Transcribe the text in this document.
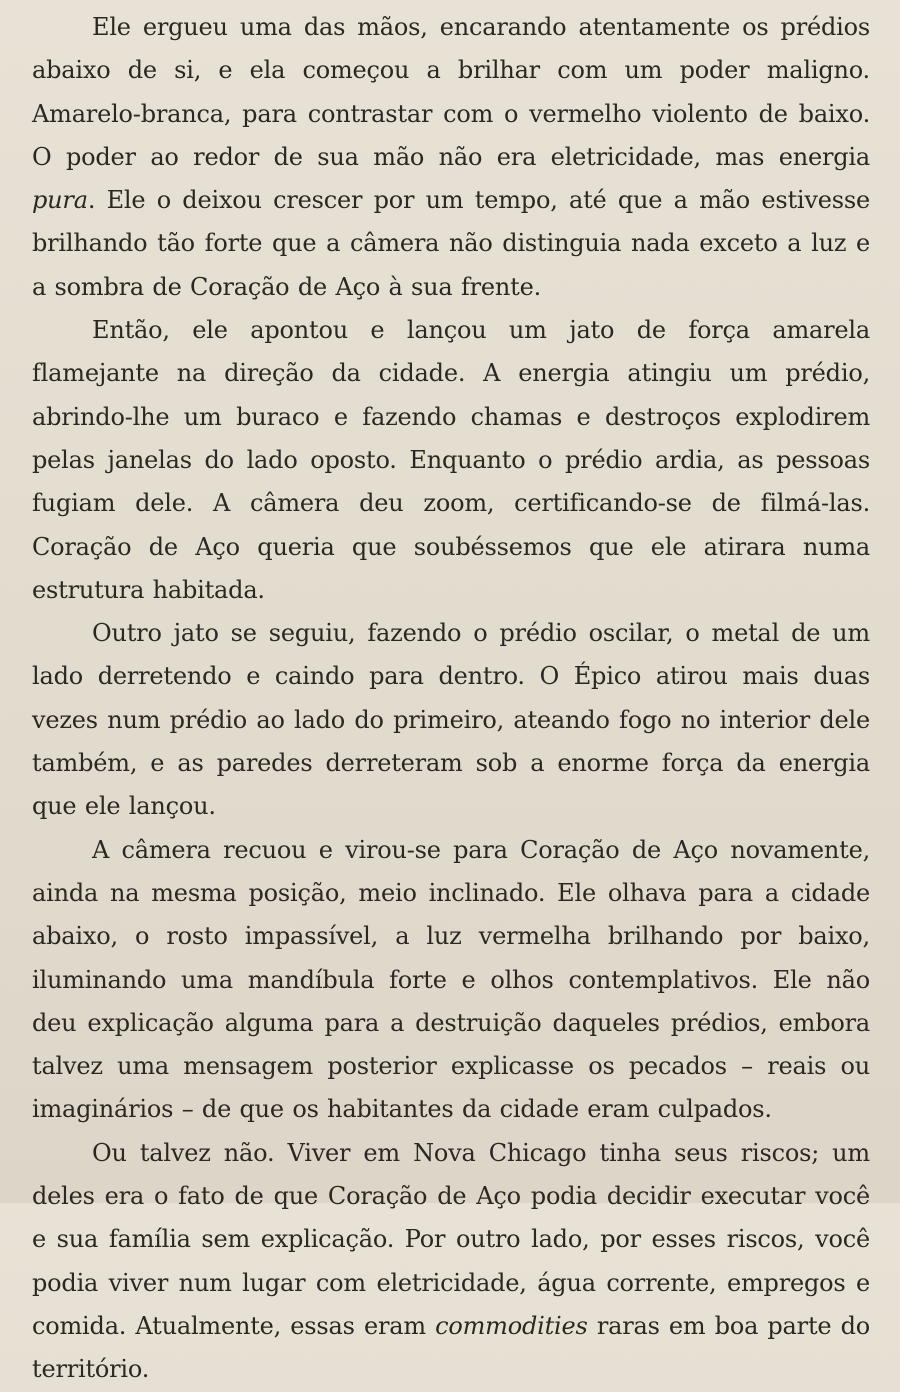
Ele ergueu uma das mãos, encarando atentamente os prédios abaixo de si, e ela começou a brilhar com um poder maligno. Amarelo-branca, para contrastar com o vermelho violento de baixo. O poder ao redor de sua mão não era eletricidade, mas energia pura. Ele o deixou crescer por um tempo, até que a mão estivesse brilhando tão forte que a câmera não distinguia nada exceto a luz e a sombra de Coração de Aço à sua frente.

Então, ele apontou e lançou um jato de força amarela flamejante na direção da cidade. A energia atingiu um prédio, abrindo-lhe um buraco e fazendo chamas e destroços explodirem pelas janelas do lado oposto. Enquanto o prédio ardia, as pessoas fugiam dele. A câmera deu zoom, certificando-se de filmá-las. Coração de Aço queria que soubéssemos que ele atirara numa estrutura habitada.

Outro jato se seguiu, fazendo o prédio oscilar, o metal de um lado derretendo e caindo para dentro. O Épico atirou mais duas vezes num prédio ao lado do primeiro, ateando fogo no interior dele também, e as paredes derreteram sob a enorme força da energia que ele lançou.

A câmera recuou e virou-se para Coração de Aço novamente, ainda na mesma posição, meio inclinado. Ele olhava para a cidade abaixo, o rosto impassível, a luz vermelha brilhando por baixo, iluminando uma mandíbula forte e olhos contemplativos. Ele não deu explicação alguma para a destruição daqueles prédios, embora talvez uma mensagem posterior explicasse os pecados – reais ou imaginários – de que os habitantes da cidade eram culpados.

Ou talvez não. Viver em Nova Chicago tinha seus riscos; um deles era o fato de que Coração de Aço podia decidir executar você e sua família sem explicação. Por outro lado, por esses riscos, você podia viver num lugar com eletricidade, água corrente, empregos e comida. Atualmente, essas eram commodities raras em boa parte do território.
